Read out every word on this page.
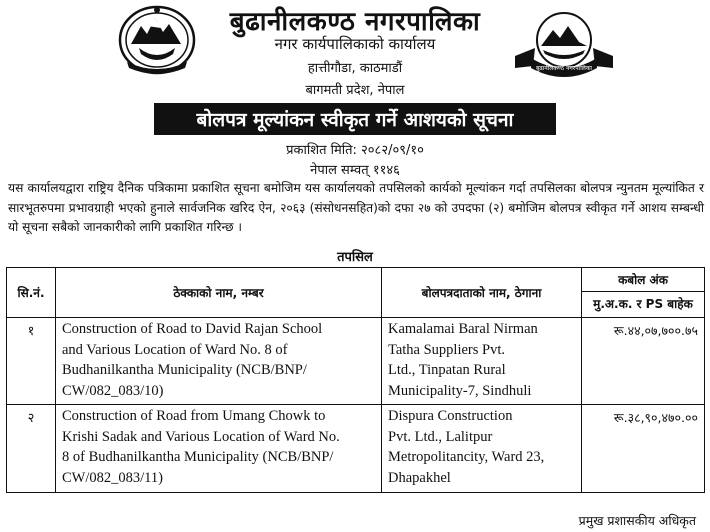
बुढानीलकण्ठ नगरपालिका
नगर कार्यपालिकाको कार्यालय
हात्तीगौडा, काठमाडौं
बागमती प्रदेश, नेपाल
बुढानीलकण्ठ नगरपालिका
बोलपत्र मूल्यांकन स्वीकृत गर्ने आशयको सूचना
प्रकाशित मिति: २०८२/०९/१०
नेपाल सम्वत् ११४६
यस कार्यालयद्वारा राष्ट्रिय दैनिक पत्रिकामा प्रकाशित सूचना बमोजिम यस कार्यालयको तपसिलको कार्यको मूल्यांकन गर्दा तपसिलका बोलपत्र न्युनतम मूल्यांकित र सारभूतरुपमा प्रभावग्राही भएको हुनाले सार्वजनिक खरिद ऐन, २०६३ (संसोधनसहित)को दफा २७ को उपदफा (२) बमोजिम बोलपत्र स्वीकृत गर्ने आशय सम्बन्धी यो सूचना सबैको जानकारीको लागि प्रकाशित गरिन्छ ।
तपसिल
सि.नं.	ठेक्काको नाम, नम्बर	बोलपत्रदाताको नाम, ठेगाना	कबोल अंक
मु.अ.क. र PS बाहेक

१	Construction of Road to David Rajan School
and Various Location of Ward No. 8 of
Budhanilkantha Municipality (NCB/BNP/
CW/082_083/10)	Kamalamai Baral Nirman
Tatha Suppliers Pvt.
Ltd., Tinpatan Rural
Municipality-7, Sindhuli	रू.४४,०७,७००.७५

२	Construction of Road from Umang Chowk to
Krishi Sadak and Various Location of Ward No.
8 of Budhanilkantha Municipality (NCB/BNP/
CW/082_083/11)	Dispura Construction
Pvt. Ltd., Lalitpur
Metropolitancity, Ward 23,
Dhapakhel	रू.३८,९०,४७०.००
प्रमुख प्रशासकीय अधिकृत
